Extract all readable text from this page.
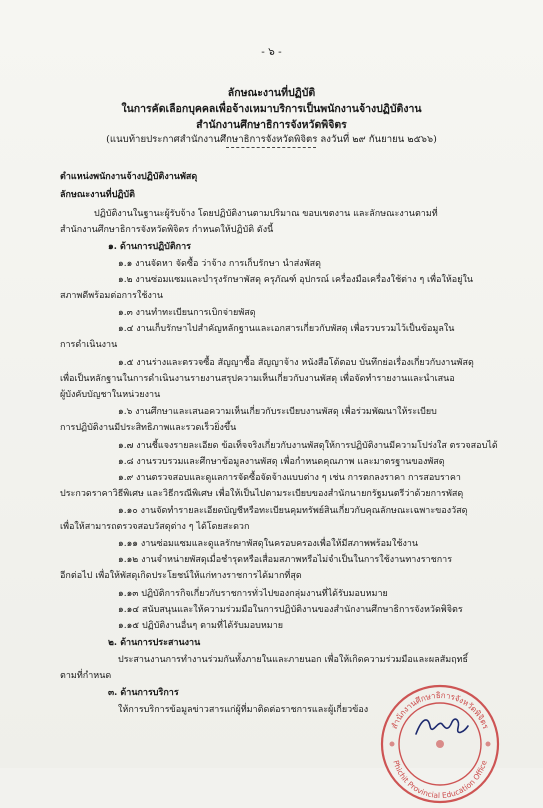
- ๖ -
ลักษณะงานที่ปฏิบัติ
ในการคัดเลือกบุคคลเพื่อจ้างเหมาบริการเป็นพนักงานจ้างปฏิบัติงาน
สำนักงานศึกษาธิการจังหวัดพิจิตร
(แนบท้ายประกาศสำนักงานศึกษาธิการจังหวัดพิจิตร ลงวันที่ ๒๙ กันยายน ๒๕๖๖)
ตำแหน่งพนักงานจ้างปฏิบัติงานพัสดุ
ลักษณะงานที่ปฏิบัติ
ปฏิบัติงานในฐานะผู้รับจ้าง โดยปฏิบัติงานตามปริมาณ ขอบเขตงาน และลักษณะงานตามที่
สำนักงานศึกษาธิการจังหวัดพิจิตร กำหนดให้ปฏิบัติ ดังนี้
๑. ด้านการปฏิบัติการ
๑.๑ งานจัดหา จัดซื้อ ว่าจ้าง การเก็บรักษา นำส่งพัสดุ
๑.๒ งานซ่อมแซมและบำรุงรักษาพัสดุ ครุภัณฑ์ อุปกรณ์ เครื่องมือเครื่องใช้ต่าง ๆ เพื่อให้อยู่ใน
สภาพดีพร้อมต่อการใช้งาน
๑.๓ งานทำทะเบียนการเบิกจ่ายพัสดุ
๑.๔ งานเก็บรักษาไปสำคัญหลักฐานและเอกสารเกี่ยวกับพัสดุ เพื่อรวบรวมไว้เป็นข้อมูลใน
การดำเนินงาน
๑.๕ งานร่างและตรวจซื้อ สัญญาซื้อ สัญญาจ้าง หนังสือโต้ตอบ บันทึกย่อเรื่องเกี่ยวกับงานพัสดุ
เพื่อเป็นหลักฐานในการดำเนินงานรายงานสรุปความเห็นเกี่ยวกับงานพัสดุ เพื่อจัดทำรายงานและนำเสนอ
ผู้บังคับบัญชาในหน่วยงาน
๑.๖ งานศึกษาและเสนอความเห็นเกี่ยวกับระเบียบงานพัสดุ เพื่อร่วมพัฒนาให้ระเบียบ
การปฏิบัติงานมีประสิทธิภาพและรวดเร็วยิ่งขึ้น
๑.๗ งานชี้แจงรายละเอียด ข้อเท็จจริงเกี่ยวกับงานพัสดุให้การปฏิบัติงานมีความโปร่งใส ตรวจสอบได้
๑.๘ งานรวบรวมและศึกษาข้อมูลงานพัสดุ เพื่อกำหนดคุณภาพ และมาตรฐานของพัสดุ
๑.๙ งานตรวจสอบและดูแลการจัดซื้อจัดจ้างแบบต่าง ๆ เช่น การตกลงราคา การสอบราคา
ประกวดราคาวิธีพิเศษ และวิธีกรณีพิเศษ เพื่อให้เป็นไปตามระเบียบของสำนักนายกรัฐมนตรีว่าด้วยการพัสดุ
๑.๑๐ งานจัดทำรายละเอียดบัญชีหรือทะเบียนคุมทรัพย์สินเกี่ยวกับคุณลักษณะเฉพาะของวัสดุ
เพื่อให้สามารถตรวจสอบวัสดุต่าง ๆ ได้โดยสะดวก
๑.๑๑ งานซ่อมแซมและดูแลรักษาพัสดุในครอบครองเพื่อให้มีสภาพพร้อมใช้งาน
๑.๑๒ งานจำหน่ายพัสดุเมื่อชำรุดหรือเสื่อมสภาพหรือไม่จำเป็นในการใช้งานทางราชการ
อีกต่อไป เพื่อให้พัสดุเกิดประโยชน์ให้แก่ทางราชการได้มากที่สุด
๑.๑๓ ปฏิบัติการกิจเกี่ยวกับราชการทั่วไปของกลุ่มงานที่ได้รับมอบหมาย
๑.๑๔ สนับสนุนและให้ความร่วมมือในการปฏิบัติงานของสำนักงานศึกษาธิการจังหวัดพิจิตร
๑.๑๕ ปฏิบัติงานอื่นๆ ตามที่ได้รับมอบหมาย
๒. ด้านการประสานงาน
ประสานงานการทำงานร่วมกันทั้งภายในและภายนอก เพื่อให้เกิดความร่วมมือและผลสัมฤทธิ์
ตามที่กำหนด
๓. ด้านการบริการ
ให้การบริการข้อมูลข่าวสารแก่ผู้ที่มาติดต่อราชการและผู้เกี่ยวข้อง
สำนักงานศึกษาธิการจังหวัดพิจิตร
Phichit Provincial Education Office
